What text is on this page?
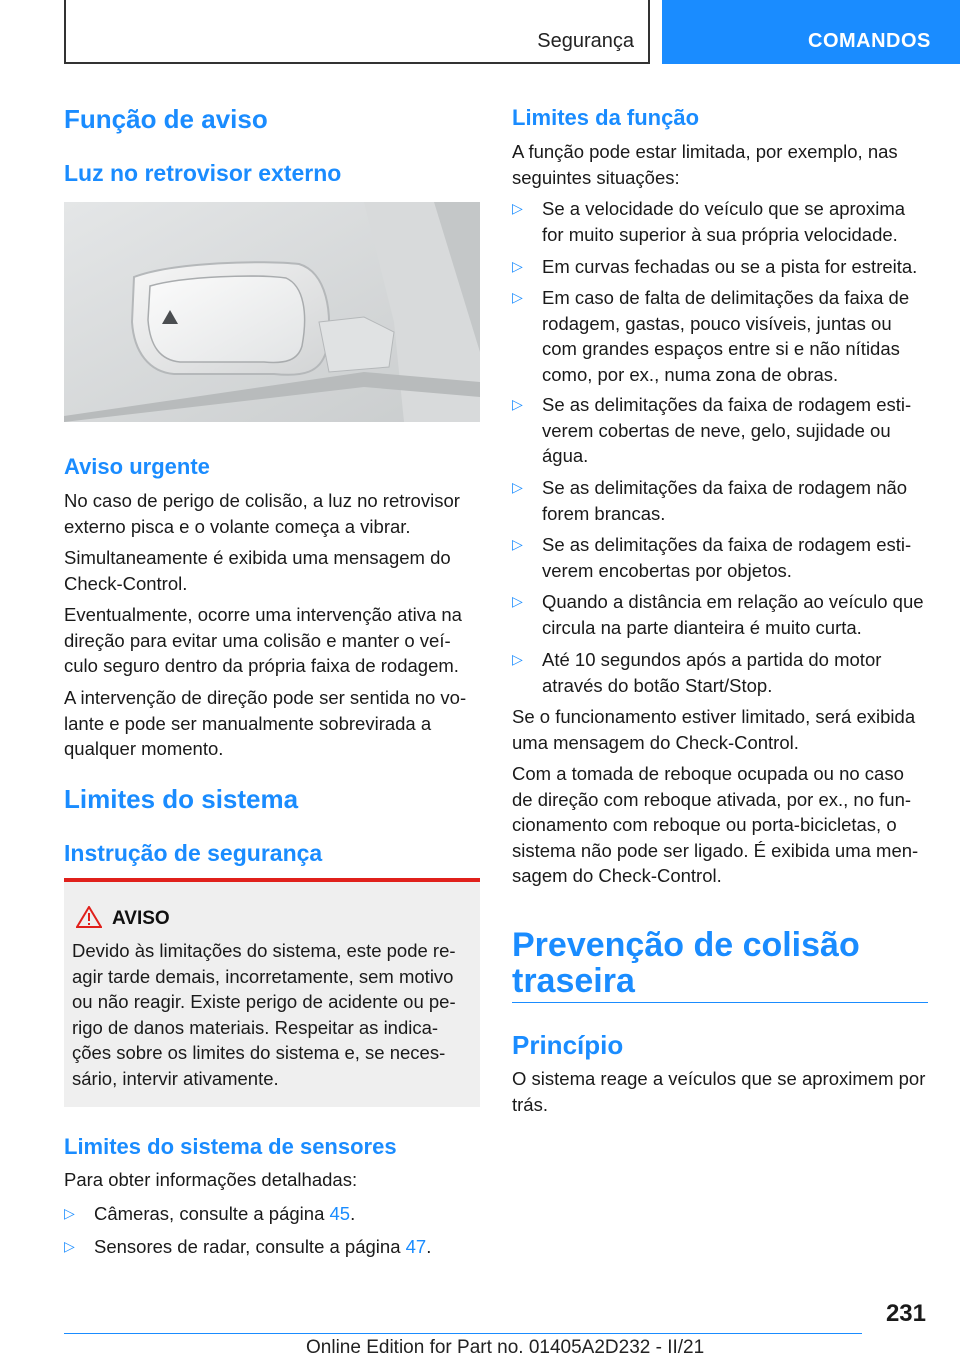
Segurança	COMANDOS
Função de aviso
Luz no retrovisor externo
Aviso urgente

No caso de perigo de colisão, a luz no retrovisor externo pisca e o volante começa a vibrar.

Simultaneamente é exibida uma mensagem do Check-Control.

Eventualmente, ocorre uma intervenção ativa na direção para evitar uma colisão e manter o veí‐culo seguro dentro da própria faixa de rodagem.

A intervenção de direção pode ser sentida no vo‐lante e pode ser manualmente sobrevirada a qualquer momento.

Limites do sistema
Instrução de segurança
AVISO
Devido às limitações do sistema, este pode re‐agir tarde demais, incorretamente, sem motivo ou não reagir. Existe perigo de acidente ou pe‐rigo de danos materiais. Respeitar as indica‐ções sobre os limites do sistema e, se neces‐sário, intervir ativamente.
Limites do sistema de sensores

Para obter informações detalhadas:

▷ Câmeras, consulte a página 45.
▷ Sensores de radar, consulte a página 47.
Limites da função

A função pode estar limitada, por exemplo, nas seguintes situações:

▷ Se a velocidade do veículo que se aproxima for muito superior à sua própria velocidade.
▷ Em curvas fechadas ou se a pista for estreita.
▷ Em caso de falta de delimitações da faixa de rodagem, gastas, pouco visíveis, juntas ou com grandes espaços entre si e não nítidas como, por ex., numa zona de obras.
▷ Se as delimitações da faixa de rodagem esti‐verem cobertas de neve, gelo, sujidade ou água.
▷ Se as delimitações da faixa de rodagem não forem brancas.
▷ Se as delimitações da faixa de rodagem esti‐verem encobertas por objetos.
▷ Quando a distância em relação ao veículo que circula na parte dianteira é muito curta.
▷ Até 10 segundos após a partida do motor através do botão Start/Stop.

Se o funcionamento estiver limitado, será exibida uma mensagem do Check-Control.

Com a tomada de reboque ocupada ou no caso de direção com reboque ativada, por ex., no fun‐cionamento com reboque ou porta-bicicletas, o sistema não pode ser ligado. É exibida uma men‐sagem do Check-Control.

Prevenção de colisão
traseira
Princípio

O sistema reage a veículos que se aproximem por trás.

231
Online Edition for Part no. 01405A2D232 - II/21
